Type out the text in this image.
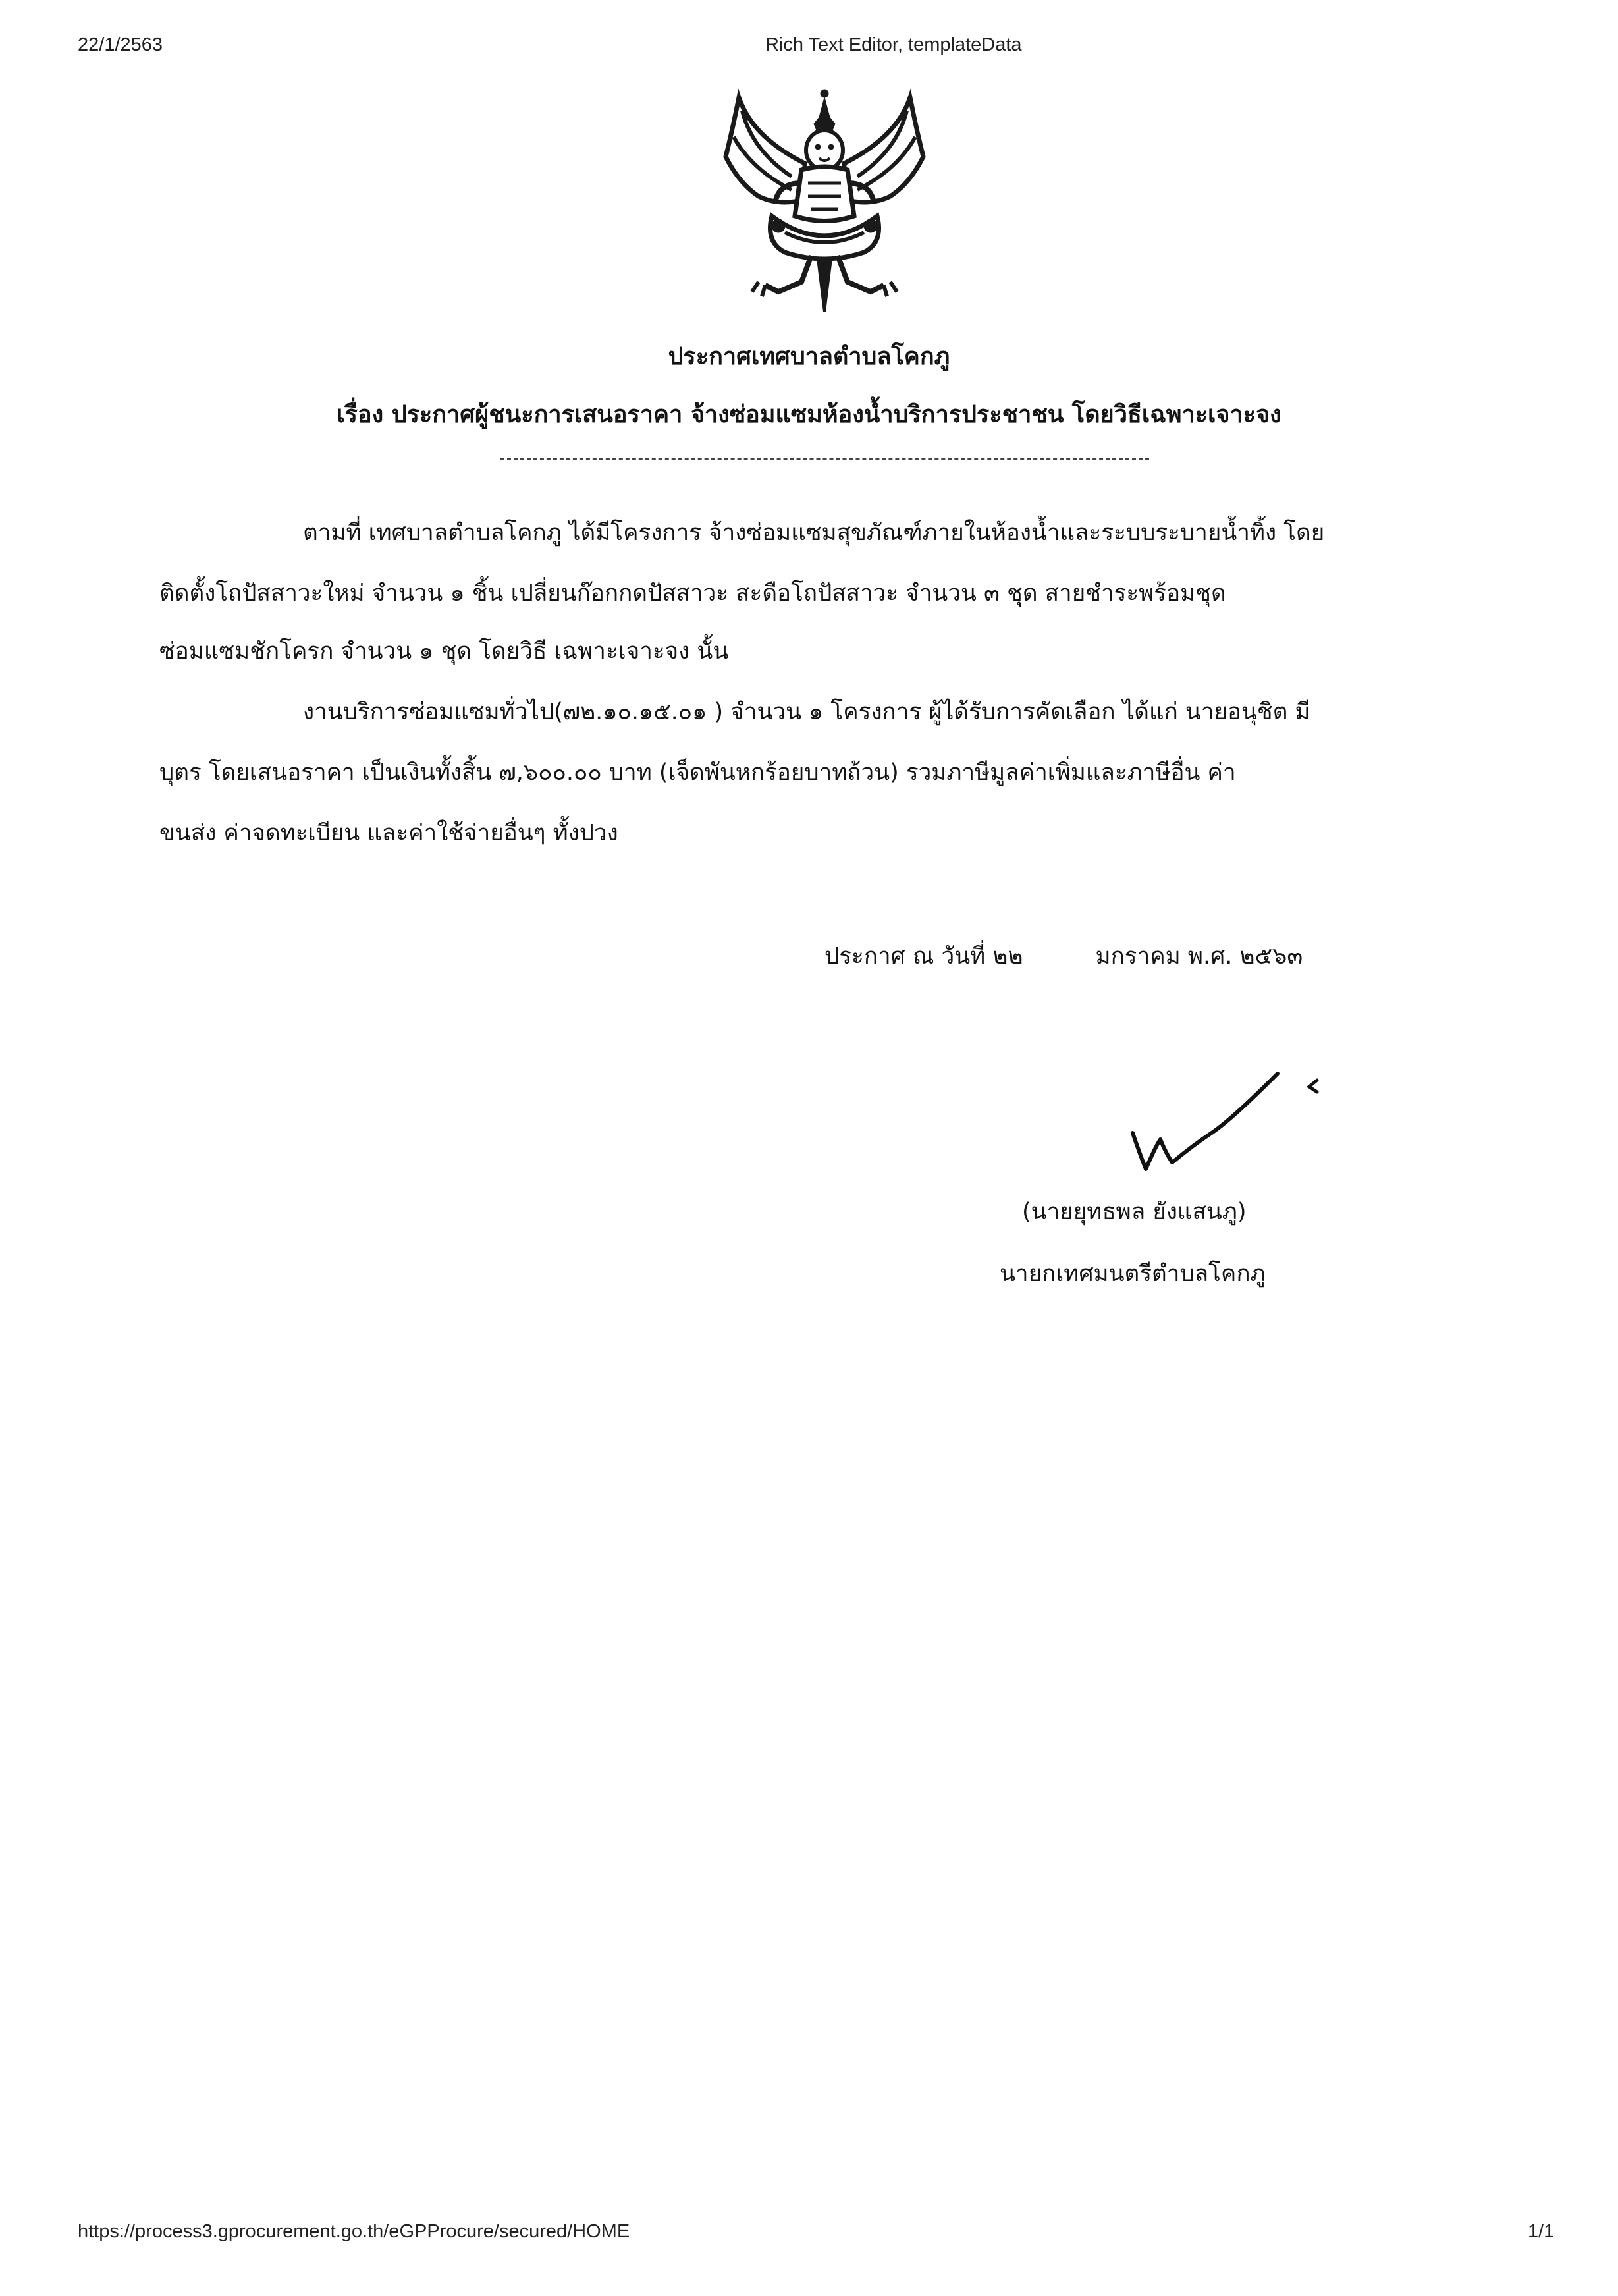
22/1/2563	Rich Text Editor, templateData
ประกาศเทศบาลตำบลโคกภู
เรื่อง ประกาศผู้ชนะการเสนอราคา จ้างซ่อมแซมห้องน้ำบริการประชาชน โดยวิธีเฉพาะเจาะจง
ตามที่ เทศบาลตำบลโคกภู ได้มีโครงการ จ้างซ่อมแซมสุขภัณฑ์ภายในห้องน้ำและระบบระบายน้ำทิ้ง โดย
ติดตั้งโถปัสสาวะใหม่ จำนวน ๑ ชิ้น เปลี่ยนก๊อกกดปัสสาวะ สะดือโถปัสสาวะ จำนวน ๓ ชุด สายชำระพร้อมชุด
ซ่อมแซมชักโครก จำนวน ๑ ชุด โดยวิธี เฉพาะเจาะจง นั้น
งานบริการซ่อมแซมทั่วไป(๗๒.๑๐.๑๕.๐๑ ) จำนวน ๑ โครงการ ผู้ได้รับการคัดเลือก ได้แก่ นายอนุชิต มี
บุตร โดยเสนอราคา เป็นเงินทั้งสิ้น ๗,๖๐๐.๐๐ บาท (เจ็ดพันหกร้อยบาทถ้วน) รวมภาษีมูลค่าเพิ่มและภาษีอื่น ค่า
ขนส่ง ค่าจดทะเบียน และค่าใช้จ่ายอื่นๆ ทั้งปวง
ประกาศ ณ วันที่ ๒๒	มกราคม พ.ศ. ๒๕๖๓
(นายยุทธพล ยังแสนภู)
นายกเทศมนตรีตำบลโคกภู
https://process3.gprocurement.go.th/eGPProcure/secured/HOME	1/1
